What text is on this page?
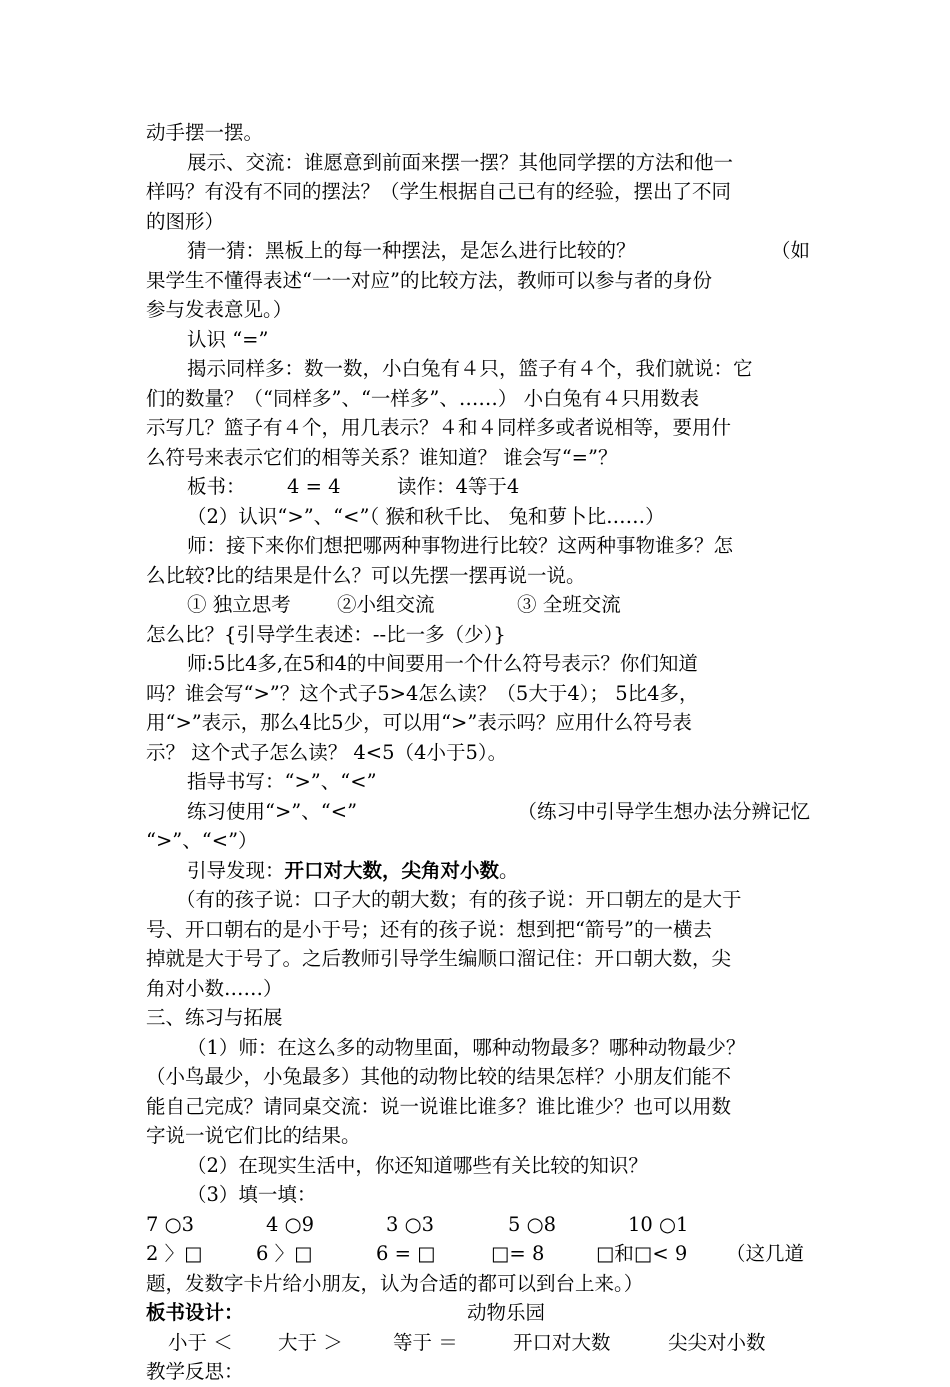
动手摆一摆。
展示、交流：谁愿意到前面来摆一摆？其他同学摆的方法和他一
样吗？有没有不同的摆法？（学生根据自己已有的经验，摆出了不同
的图形）
猜一猜：黑板上的每一种摆法，是怎么进行比较的？	（如
果学生不懂得表述“一一对应”的比较方法，教师可以参与者的身份
参与发表意见。）
认识 “=”
揭示同样多：数一数，小白兔有４只，篮子有４个，我们就说：它
们的数量？（“同样多”、“一样多”、……） 小白兔有４只用数表
示写几？篮子有４个，用几表示？４和４同样多或者说相等，要用什
么符号来表示它们的相等关系？谁知道？ 谁会写“=”？
板书： 4 = 4	读作：4等于4
（2）认识“>”、“<”（ 猴和秋千比、 兔和萝卜比……）
师：接下来你们想把哪两种事物进行比较？这两种事物谁多？怎
么比较?比的结果是什么？可以先摆一摆再说一说。
① 独立思考 ②小组交流	③ 全班交流
怎么比？{引导学生表述：--比一多（少）}
师:5比4多,在5和4的中间要用一个什么符号表示？你们知道
吗？谁会写“>”？这个式子5>4怎么读？（5大于4）； 5比4多，
用“>”表示，那么4比5少，可以用“>”表示吗？应用什么符号表
示？ 这个式子怎么读？ 4<5（4小于5）。
指导书写：“>”、“<”
练习使用“>”、“<”	（练习中引导学生想办法分辨记忆
“>”、“<”）
引导发现：开口对大数，尖角对小数。
（有的孩子说：口子大的朝大数；有的孩子说：开口朝左的是大于
号、开口朝右的是小于号；还有的孩子说：想到把“箭号”的一横去
掉就是大于号了。之后教师引导学生编顺口溜记住：开口朝大数，尖
角对小数……）
三、练习与拓展
（1）师：在这么多的动物里面，哪种动物最多？哪种动物最少？
（小鸟最少，小兔最多）其他的动物比较的结果怎样？小朋友们能不
能自己完成？请同桌交流：说一说谁比谁多？谁比谁少？也可以用数
字说一说它们比的结果。
（2）在现实生活中，你还知道哪些有关比较的知识？
（3）填一填：
7 ○3	4 ○9	3 ○3	5 ○8	10 ○1
2 〉□	6 〉□	6 = □	□= 8	□和□< 9 （这几道
题，发数字卡片给小朋友，认为合适的都可以到台上来。）
板书设计：	动物乐园
小于 ＜ 大于 ＞	等于 ＝	开口对大数	尖尖对小数
教学反思：
